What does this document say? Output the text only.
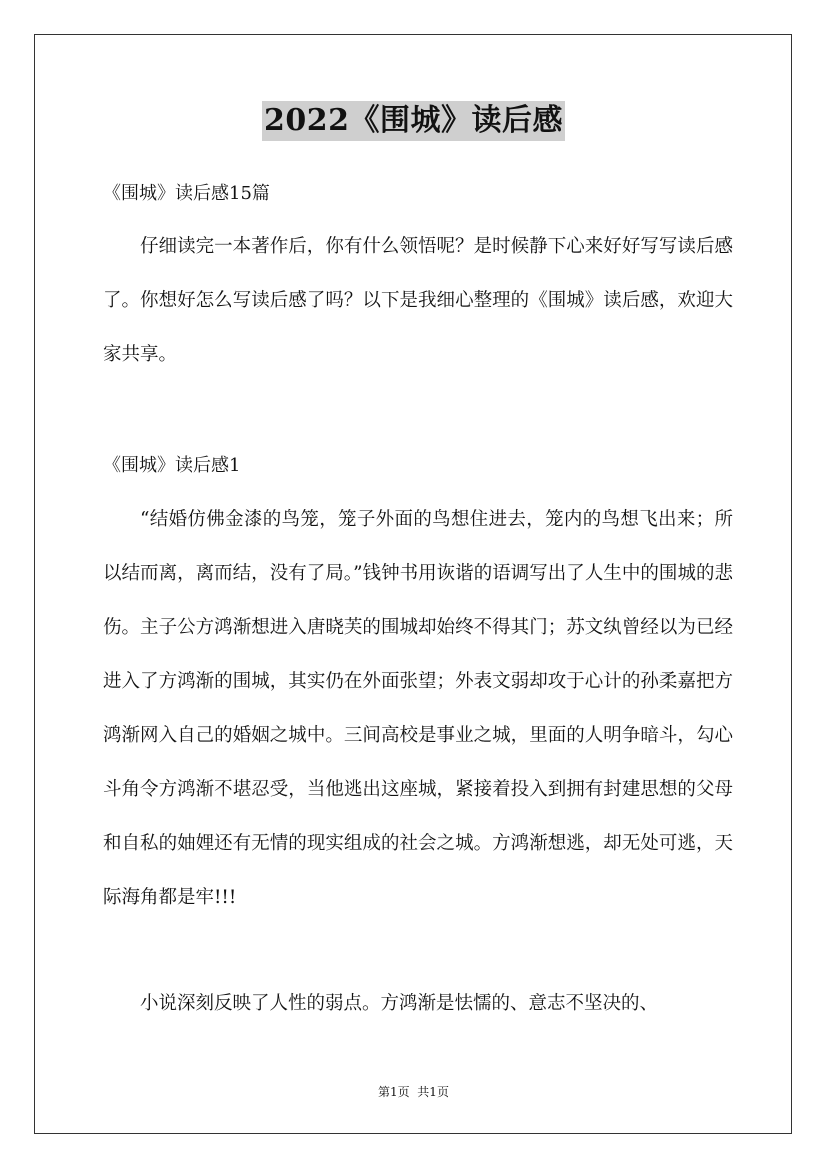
2022《围城》读后感
《围城》读后感15篇

仔细读完一本著作后，你有什么领悟呢？是时候静下心来好好写写读后感了。你想好怎么写读后感了吗？以下是我细心整理的《围城》读后感，欢迎大家共享。

《围城》读后感1

“结婚仿佛金漆的鸟笼，笼子外面的鸟想住进去，笼内的鸟想飞出来；所以结而离，离而结，没有了局。”钱钟书用诙谐的语调写出了人生中的围城的悲伤。主子公方鸿渐想进入唐晓芙的围城却始终不得其门；苏文纨曾经以为已经进入了方鸿渐的围城，其实仍在外面张望；外表文弱却攻于心计的孙柔嘉把方鸿渐网入自己的婚姻之城中。三间高校是事业之城，里面的人明争暗斗，勾心斗角令方鸿渐不堪忍受，当他逃出这座城，紧接着投入到拥有封建思想的父母和自私的妯娌还有无情的现实组成的社会之城。方鸿渐想逃，却无处可逃，天际海角都是牢!!!

小说深刻反映了人性的弱点。方鸿渐是怯懦的、意志不坚决的、

第1页  共1页
